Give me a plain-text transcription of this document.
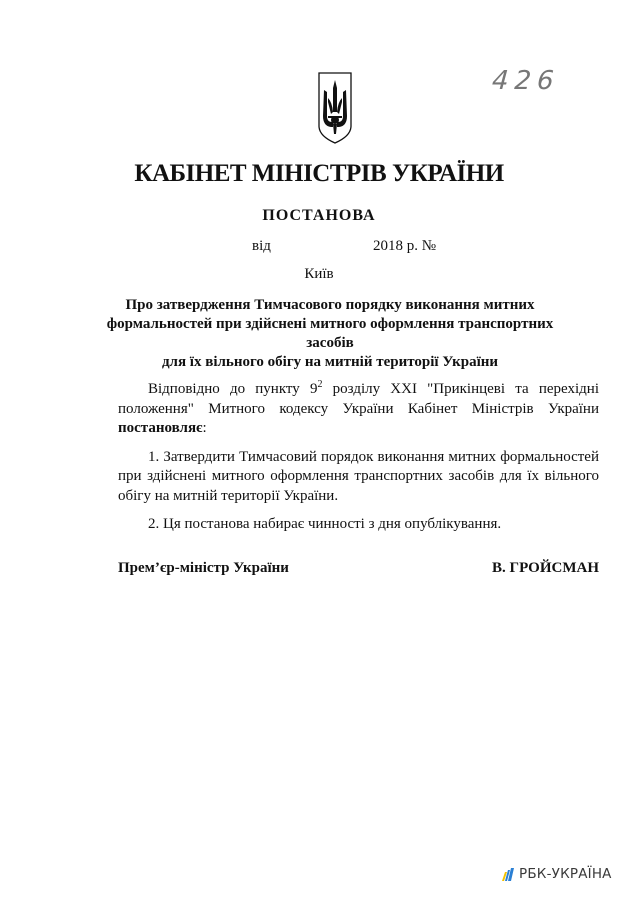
426
КАБІНЕТ МІНІСТРІВ УКРАЇНИ
ПОСТАНОВА
від	2018 р. №
Київ
Про затвердження Тимчасового порядку виконання митних
формальностей при здійснені митного оформлення транспортних засобів
для їх вільного обігу на митній території України

Відповідно до пункту $9^2$ розділу XXI "Прикінцеві та перехідні положення" Митного кодексу України Кабінет Міністрів України постановляє:

1. Затвердити Тимчасовий порядок виконання митних формальностей при здійснені митного оформлення транспортних засобів для їх вільного обігу на митній території України.

2. Ця постанова набирає чинності з дня опублікування.

Прем’єр-міністр України	В. ГРОЙСМАН
РБК-УКРАЇНА
